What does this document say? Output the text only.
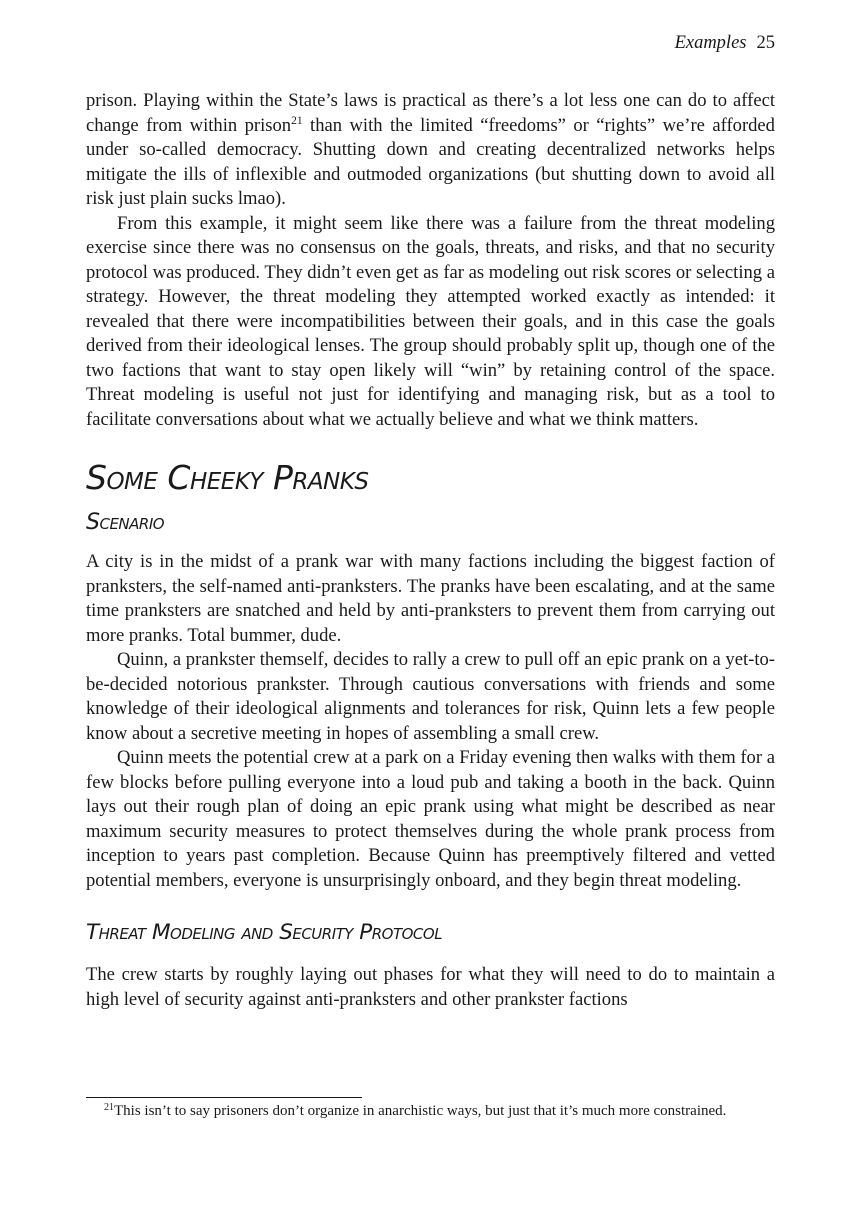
Examples 25

prison. Playing within the State’s laws is practical as there’s a lot less one can do to affect change from within prison$^{21}$ than with the limited “freedoms” or “rights” we’re afforded under so-called democracy. Shutting down and creating decentralized networks helps mitigate the ills of inflexible and outmoded organizations (but shutting down to avoid all risk just plain sucks lmao).

From this example, it might seem like there was a failure from the threat modeling exercise since there was no consensus on the goals, threats, and risks, and that no security protocol was produced. They didn’t even get as far as modeling out risk scores or selecting a strategy. However, the threat modeling they attempted worked exactly as intended: it revealed that there were incompatibilities between their goals, and in this case the goals derived from their ideological lenses. The group should probably split up, though one of the two factions that want to stay open likely will “win” by retaining control of the space. Threat modeling is useful not just for identifying and managing risk, but as a tool to facilitate conversations about what we actually believe and what we think matters.

Some Cheeky Pranks
Scenario

A city is in the midst of a prank war with many factions including the biggest faction of pranksters, the self-named anti-pranksters. The pranks have been escalating, and at the same time pranksters are snatched and held by anti-pranksters to prevent them from carrying out more pranks. Total bummer, dude.

Quinn, a prankster themself, decides to rally a crew to pull off an epic prank on a yet-to-be-decided notorious prankster. Through cautious conversations with friends and some knowledge of their ideological alignments and tolerances for risk, Quinn lets a few people know about a secretive meeting in hopes of assembling a small crew.

Quinn meets the potential crew at a park on a Friday evening then walks with them for a few blocks before pulling everyone into a loud pub and taking a booth in the back. Quinn lays out their rough plan of doing an epic prank using what might be described as near maximum security measures to protect themselves during the whole prank process from inception to years past completion. Because Quinn has preemptively filtered and vetted potential members, everyone is unsurprisingly onboard, and they begin threat modeling.

Threat Modeling and Security Protocol

The crew starts by roughly laying out phases for what they will need to do to maintain a high level of security against anti-pranksters and other prankster factions

$^{21}$This isn’t to say prisoners don’t organize in anarchistic ways, but just that it’s much more constrained.
